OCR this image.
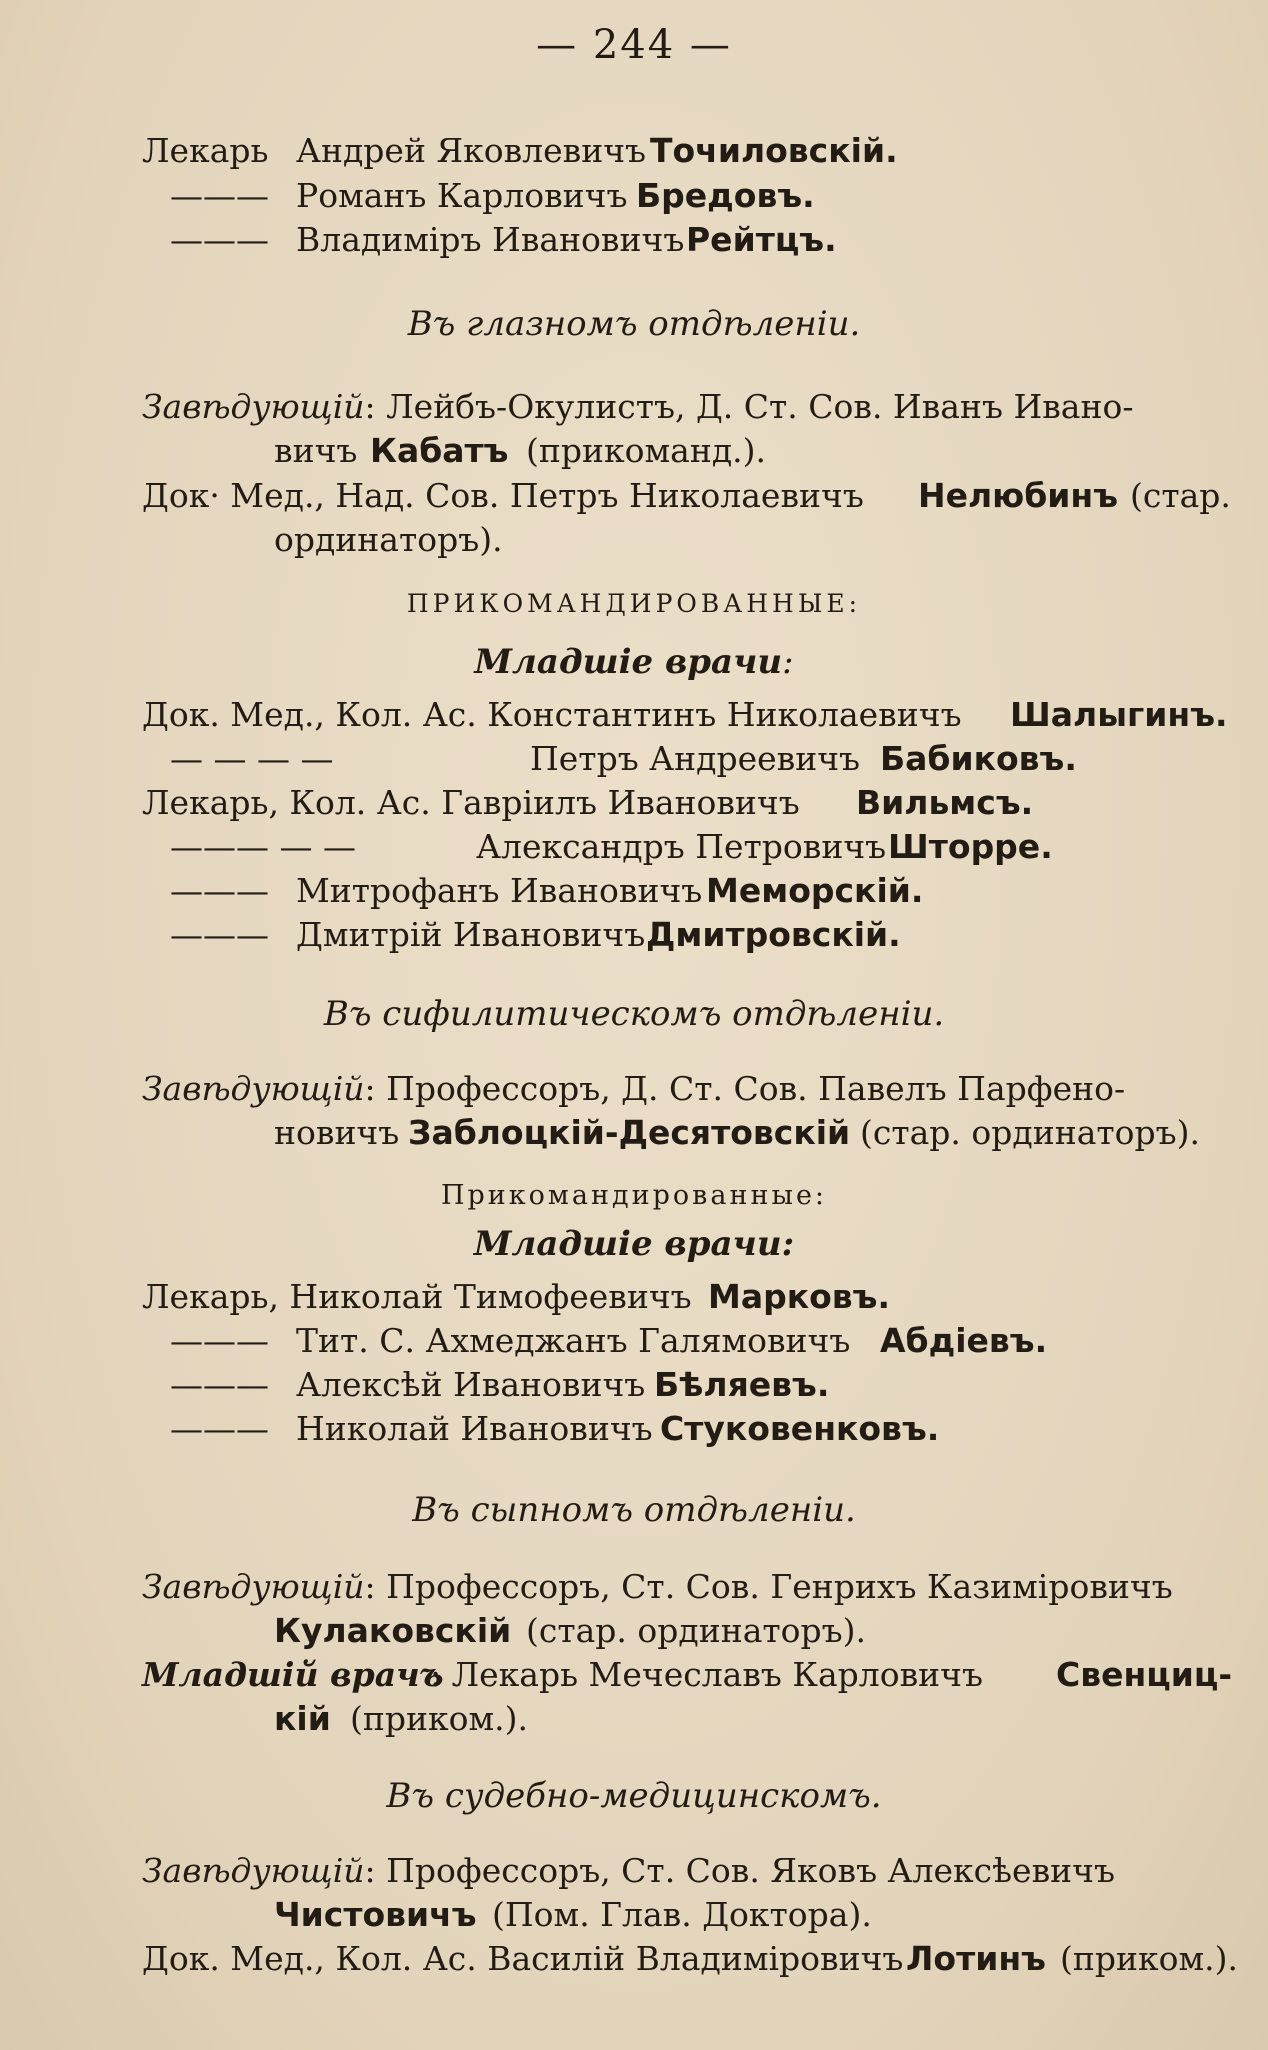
— 244 —
Лекарь Андрей Яковлевичъ Точиловскій.
——— Романъ Карловичъ Бредовъ.
——— Владиміръ Ивановичъ Рейтцъ.
Въ глазномъ отдѣленіи.
Завѣдующій: Лейбъ-Окулистъ, Д. Ст. Сов. Иванъ Ивано-
вичъ Кабатъ (прикоманд.).
Док· Мед., Над. Сов. Петръ Николаевичъ Нелюбинъ (стар.
ординаторъ).
ПРИКОМАНДИРОВАННЫЕ:
Младшіе врачи:
Док. Мед., Кол. Ас. Константинъ Николаевичъ Шалыгинъ.
— — — —	Петръ Андреевичъ Бабиковъ.
Лекарь, Кол. Ас. Гавріилъ Ивановичъ Вильмсъ.
——— — —	Александръ Петровичъ Шторре.
——— Митрофанъ Ивановичъ Меморскій.
——— Дмитрій Ивановичъ Дмитровскій.
Въ сифилитическомъ отдѣленіи.
Завѣдующій: Профессоръ, Д. Ст. Сов. Павелъ Парфено-
новичъ Заблоцкій-Десятовскій (стар. ординаторъ).
Прикомандированные:
Младшіе врачи:
Лекарь, Николай Тимофеевичъ Марковъ.
——— Тит. С. Ахмеджанъ Галямовичъ Абдіевъ.
——— Алексѣй Ивановичъ Бѣляевъ.
——— Николай Ивановичъ Стуковенковъ.
Въ сыпномъ отдѣленіи.
Завѣдующій: Профессоръ, Ст. Сов. Генрихъ Казиміровичъ
Кулаковскій (стар. ординаторъ).
Младшій врачъ
: Лекарь Мечеславъ Карловичъ Свенциц-
кій (приком.).
Въ судебно-медицинскомъ.
Завѣдующій: Профессоръ, Ст. Сов. Яковъ Алексѣевичъ
Чистовичъ (Пом. Глав. Доктора).
Док. Мед., Кол. Ас. Василій Владиміровичъ Лотинъ (приком.).
